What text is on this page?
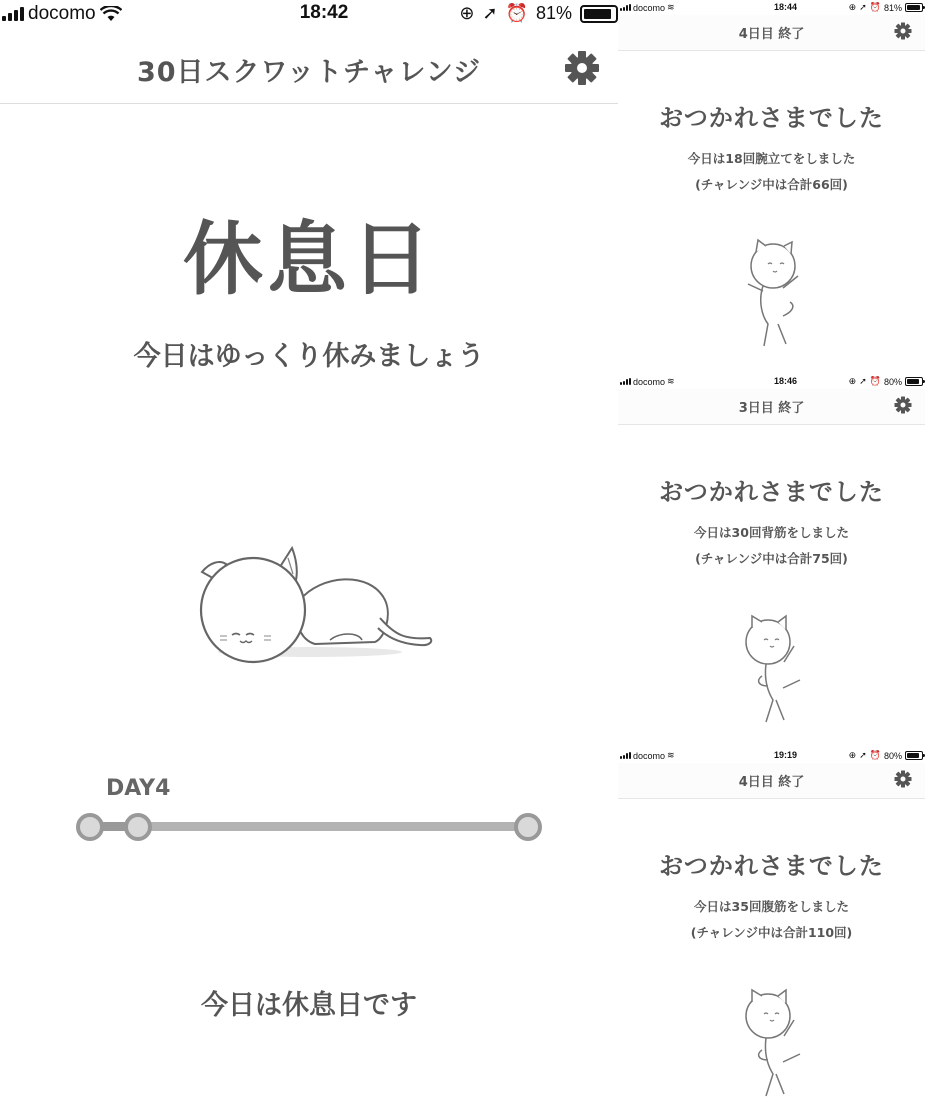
docomo	18:42	⊕ ➚ ⏰ 81%
30日スクワットチャレンジ
休息日
今日はゆっくり休みましょう
DAY4
今日は休息日です
docomo ≋	18:44	⊕ ➚ ⏰ 81%
4日目 終了
おつかれさまでした
今日は18回腕立てをしました
(チャレンジ中は合計66回)
docomo ≋	18:46	⊕ ➚ ⏰ 80%
3日目 終了
おつかれさまでした
今日は30回背筋をしました
(チャレンジ中は合計75回)
docomo ≋	19:19	⊕ ➚ ⏰ 80%
4日目 終了
おつかれさまでした
今日は35回腹筋をしました
(チャレンジ中は合計110回)
